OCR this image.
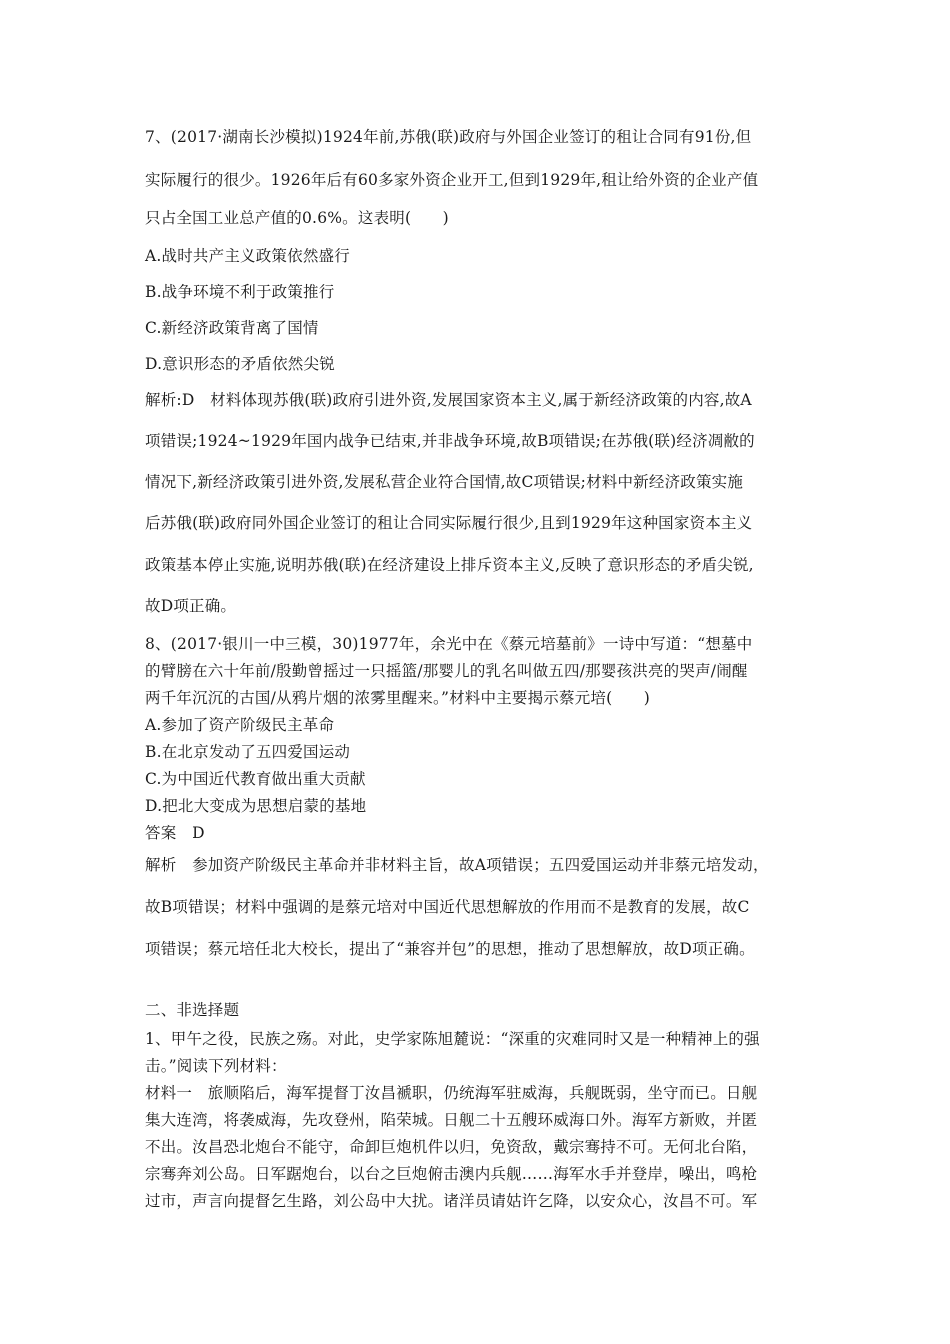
7、(2017·湖南长沙模拟)1924年前,苏俄(联)政府与外国企业签订的租让合同有91份,但
实际履行的很少。1926年后有60多家外资企业开工,但到1929年,租让给外资的企业产值
只占全国工业总产值的0.6%。这表明(　　)
A.战时共产主义政策依然盛行
B.战争环境不利于政策推行
C.新经济政策背离了国情
D.意识形态的矛盾依然尖锐
解析:D　材料体现苏俄(联)政府引进外资,发展国家资本主义,属于新经济政策的内容,故A
项错误;1924~1929年国内战争已结束,并非战争环境,故B项错误;在苏俄(联)经济凋敝的
情况下,新经济政策引进外资,发展私营企业符合国情,故C项错误;材料中新经济政策实施
后苏俄(联)政府同外国企业签订的租让合同实际履行很少,且到1929年这种国家资本主义
政策基本停止实施,说明苏俄(联)在经济建设上排斥资本主义,反映了意识形态的矛盾尖锐,
故D项正确。
8、(2017·银川一中三模，30)1977年，余光中在《蔡元培墓前》一诗中写道：“想墓中
的臂膀在六十年前/殷勤曾摇过一只摇篮/那婴儿的乳名叫做五四/那婴孩洪亮的哭声/闹醒
两千年沉沉的古国/从鸦片烟的浓雾里醒来。”材料中主要揭示蔡元培(　　)
A.参加了资产阶级民主革命
B.在北京发动了五四爱国运动
C.为中国近代教育做出重大贡献
D.把北大变成为思想启蒙的基地
答案　D
解析　参加资产阶级民主革命并非材料主旨，故A项错误；五四爱国运动并非蔡元培发动，
故B项错误；材料中强调的是蔡元培对中国近代思想解放的作用而不是教育的发展，故C
项错误；蔡元培任北大校长，提出了“兼容并包”的思想，推动了思想解放，故D项正确。
二、非选择题
1、甲午之役，民族之殇。对此，史学家陈旭麓说：“深重的灾难同时又是一种精神上的强
击。”阅读下列材料：
材料一　旅顺陷后，海军提督丁汝昌褫职，仍统海军驻威海，兵舰既弱，坐守而已。日舰
集大连湾，将袭威海，先攻登州，陷荣城。日舰二十五艘环威海口外。海军方新败，并匿
不出。汝昌恐北炮台不能守，命卸巨炮机件以归，免资敌，戴宗骞持不可。无何北台陷，
宗骞奔刘公岛。日军踞炮台，以台之巨炮俯击澳内兵舰……海军水手并登岸，噪出，鸣枪
过市，声言向提督乞生路，刘公岛中大扰。诸洋员请姑许乞降，以安众心，汝昌不可。军
